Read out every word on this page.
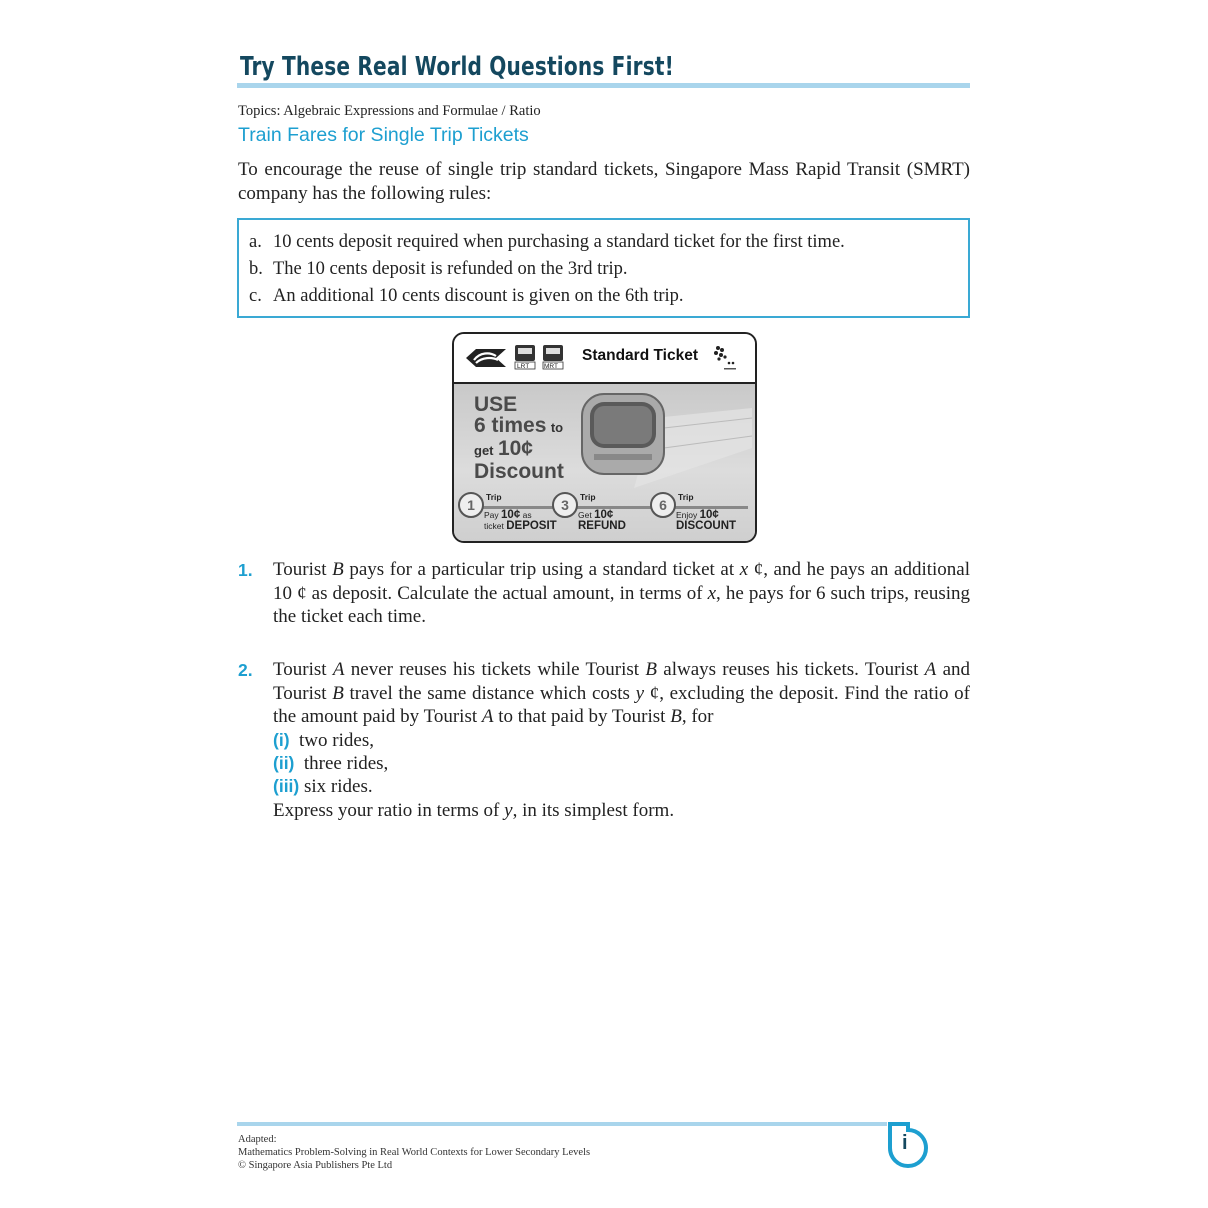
Try These Real World Questions First!
Topics: Algebraic Expressions and Formulae / Ratio
Train Fares for Single Trip Tickets

To encourage the reuse of single trip standard tickets, Singapore Mass Rapid Transit (SMRT) company has the following rules:

a. 10 cents deposit required when purchasing a standard ticket for the first time.
b. The 10 cents deposit is refunded on the 3rd trip.
c. An additional 10 cents discount is given on the 6th trip.
LRT MRT
Standard Ticket
USE
6 times to
get 10¢
Discount
1	Trip
Pay 10¢ as
ticket DEPOSIT
3	Trip
Get 10¢
REFUND
6	Trip
Enjoy 10¢
DISCOUNT
1. Tourist B pays for a particular trip using a standard ticket at x ¢, and he pays an additional 10 ¢ as deposit. Calculate the actual amount, in terms of x, he pays for 6 such trips, reusing the ticket each time.

2. Tourist A never reuses his tickets while Tourist B always reuses his tickets. Tourist A and Tourist B travel the same distance which costs y ¢, excluding the deposit. Find the ratio of the amount paid by Tourist A to that paid by Tourist B, for

(i) two rides,
(ii) three rides,
(iii) six rides.
Express your ratio in terms of y, in its simplest form.
Adapted:
Mathematics Problem-Solving in Real World Contexts for Lower Secondary Levels
© Singapore Asia Publishers Pte Ltd
i
